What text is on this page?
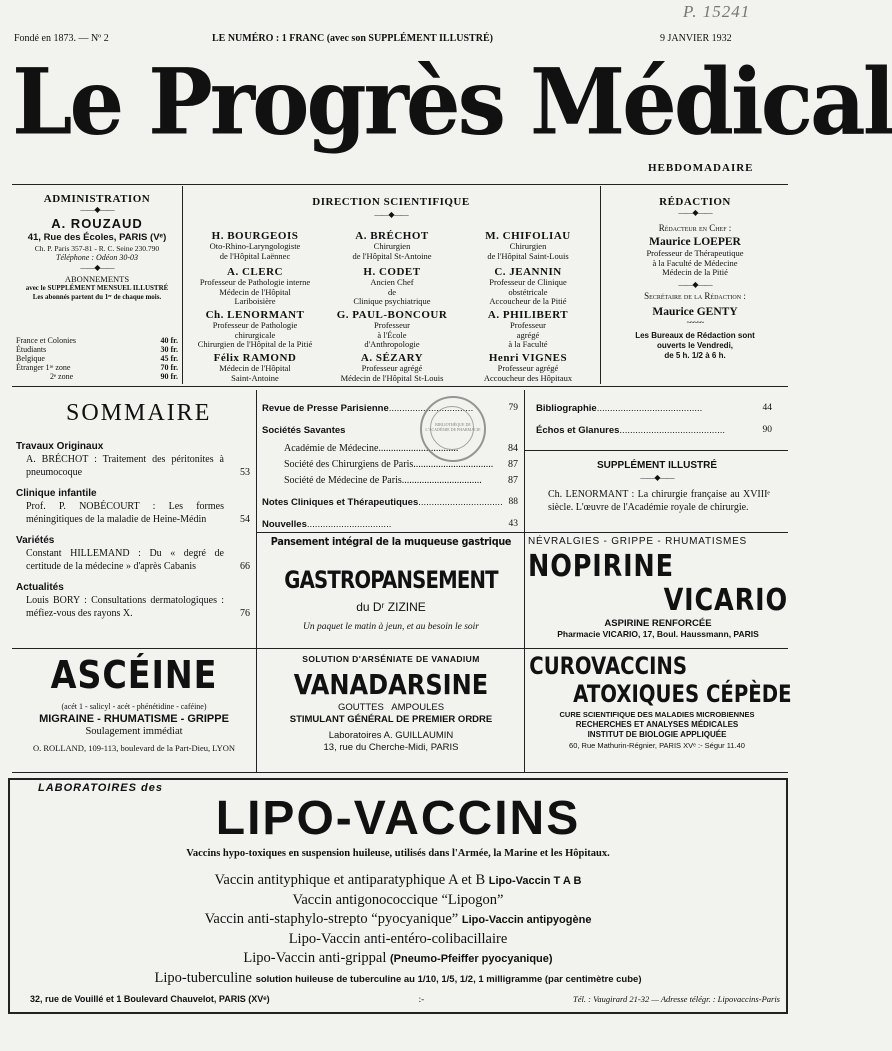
P. 15241
Fondé en 1873. — Nº 2	LE NUMÉRO : 1 FRANC (avec son SUPPLÉMENT ILLUSTRÉ)	9 JANVIER 1932
Le Progrès Médical
HEBDOMADAIRE
ADMINISTRATION
——◆——
A. ROUZAUD
41, Rue des Écoles, PARIS (Vᵉ)
Ch. P. Paris 357-81 - R. C. Seine 230.790
Téléphone : Odéon 30-03
——◆——
ABONNEMENTS
avec le SUPPLÉMENT MENSUEL ILLUSTRÉ
Les abonnés partent du 1ᵉʳ de chaque mois.
France et Colonies	40 fr.
Étudiants	30 fr.
Belgique	45 fr.
Étranger 1ʳᵉ zone	70 fr.
2ᵉ zone	90 fr.
DIRECTION SCIENTIFIQUE
——◆——
H. BOURGEOIS
Oto-Rhino-Laryngologiste
de l'Hôpital Laënnec
A. BRÉCHOT
Chirurgien
de l'Hôpital St-Antoine
M. CHIFOLIAU
Chirurgien
de l'Hôpital Saint-Louis
A. CLERC
Professeur de Pathologie interne
Médecin de l'Hôpital
Lariboisière
H. CODET
Ancien Chef
de
Clinique psychiatrique
C. JEANNIN
Professeur de Clinique
obstétricale
Accoucheur de la Pitié
Ch. LENORMANT
Professeur de Pathologie
chirurgicale
Chirurgien de l'Hôpital de la Pitié
G. PAUL-BONCOUR
Professeur
à l'École
d'Anthropologie
A. PHILIBERT
Professeur
agrégé
à la Faculté
Félix RAMOND
Médecin de l'Hôpital
Saint-Antoine
A. SÉZARY
Professeur agrégé
Médecin de l'Hôpital St-Louis
Henri VIGNES
Professeur agrégé
Accoucheur des Hôpitaux
RÉDACTION
——◆——
Rédacteur en Chef :
Maurice LOEPER
Professeur de Thérapeutique
à la Faculté de Médecine
Médecin de la Pitié
——◆——
Secrétaire de la Rédaction :
Maurice GENTY
~~~~~
Les Bureaux de Rédaction sont
ouverts le Vendredi,
de 5 h. 1/2 à 6 h.
SOMMAIRE
Travaux Originaux
A. BRÉCHOT : Traitement des péritonites à pneumocoque	53
Clinique infantile
Prof. P. NOBÉCOURT : Les formes méningitiques de la maladie de Heine-Médin	54
Variétés
Constant HILLEMAND : Du « degré de certitude de la médecine » d'après Cabanis	66
Actualités
Louis BORY : Consultations dermatologiques : méfiez-vous des rayons X.	76
Revue de Presse Parisienne ................................	79
Sociétés Savantes
Académie de Médecine ................................	84
Société des Chirurgiens de Paris ................................	87
Société de Médecine de Paris ................................	87
Notes Cliniques et Thérapeutiques ................................ 88
Nouvelles ................................	43
BIBLIOTHÈQUE DE L'ACADÉMIE DE PHARMACIE
Bibliographie ........................................	44
Échos et Glanures ........................................	90
SUPPLÉMENT ILLUSTRÉ
——◆——
Ch. LENORMANT : La chirurgie française au XVIIIᵉ siècle. L'œuvre de l'Académie royale de chirurgie.
Pansement intégral de la muqueuse gastrique
GASTROPANSEMENT
du Dʳ ZIZINE
Un paquet le matin à jeun, et au besoin le soir
NÉVRALGIES - GRIPPE - RHUMATISMES
NOPIRINE
VICARIO
ASPIRINE RENFORCÉE
Pharmacie VICARIO, 17, Boul. Haussmann, PARIS
ASCÉINE
(acét 1 - salicyl - acét - phénétidine - caféine)
MIGRAINE - RHUMATISME - GRIPPE
Soulagement immédiat
O. ROLLAND, 109-113, boulevard de la Part-Dieu, LYON
SOLUTION D'ARSÉNIATE DE VANADIUM
VANADARSINE
GOUTTES   AMPOULES
STIMULANT GÉNÉRAL DE PREMIER ORDRE
Laboratoires A. GUILLAUMIN
13, rue du Cherche-Midi, PARIS
CUROVACCINS
ATOXIQUES CÉPÈDE
CURE SCIENTIFIQUE DES MALADIES MICROBIENNES
RECHERCHES ET ANALYSES MÉDICALES
INSTITUT DE BIOLOGIE APPLIQUÉE
60, Rue Mathurin-Régnier, PARIS XVᵉ :- Ségur 11.40
LABORATOIRES des
LIPO-VACCINS
Vaccins hypo-toxiques en suspension huileuse, utilisés dans l'Armée, la Marine et les Hôpitaux.
Vaccin antityphique et antiparatyphique A et B Lipo-Vaccin T A B
Vaccin antigonococcique “Lipogon”
Vaccin anti-staphylo-strepto “pyocyanique” Lipo-Vaccin antipyogène
Lipo-Vaccin anti-entéro-colibacillaire
Lipo-Vaccin anti-grippal (Pneumo-Pfeiffer pyocyanique)
Lipo-tuberculine solution huileuse de tuberculine au 1/10, 1/5, 1/2, 1 milligramme (par centimètre cube)
32, rue de Vouillé et 1 Boulevard Chauvelot, PARIS (XVᵉ)	:-	Tél. : Vaugirard 21-32 — Adresse télégr. : Lipovaccins-Paris
